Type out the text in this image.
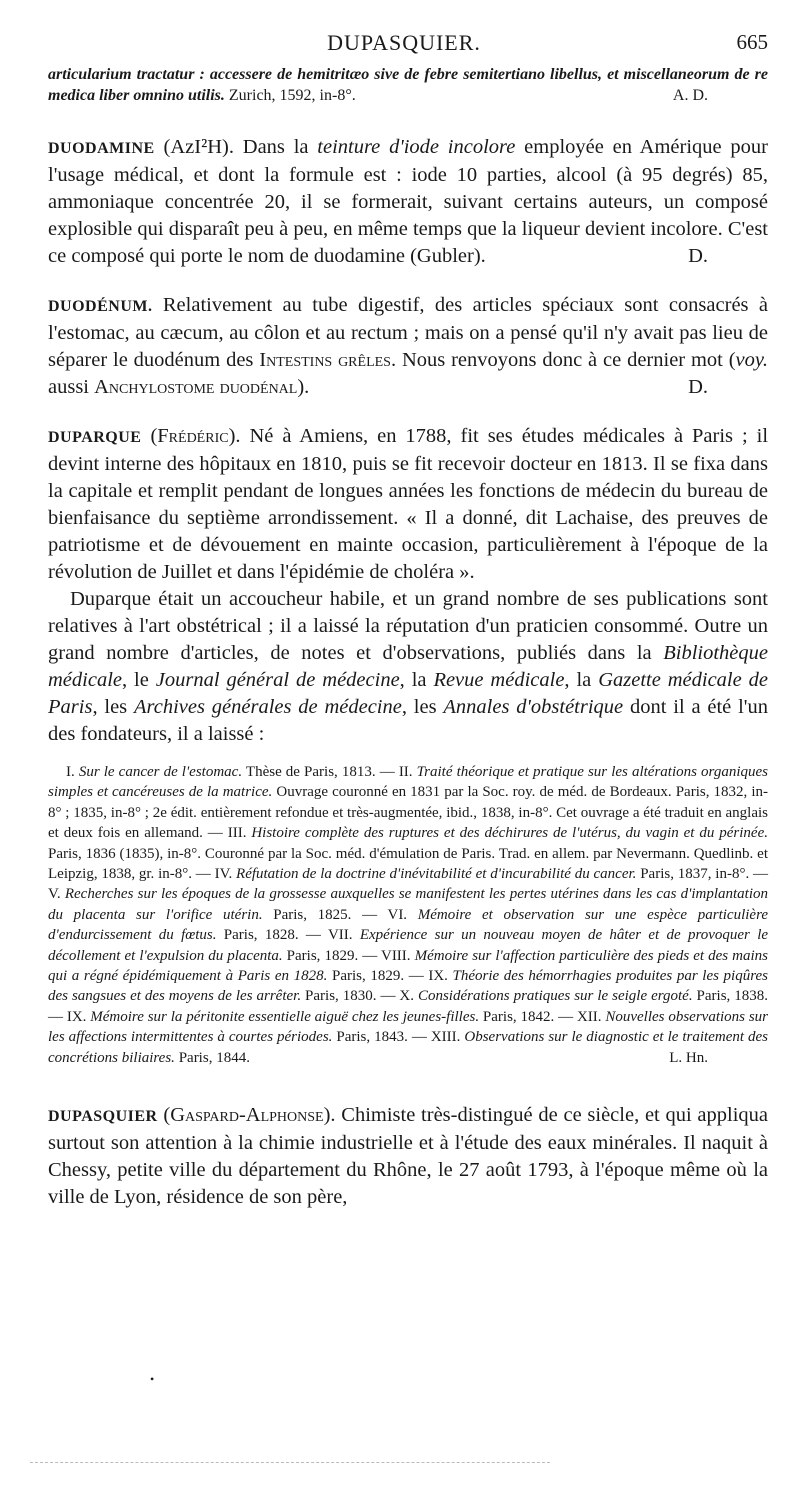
DUPASQUIER.	665

articularium tractatur : accessere de hemitritæo sive de febre semitertiano libellus, et miscellaneorum de re medica liber omnino utilis. Zurich, 1592, in-8°.	A. D.

DUODAMINE (AzI²H). Dans la teinture d'iode incolore employée en Amérique pour l'usage médical, et dont la formule est : iode 10 parties, alcool (à 95 degrés) 85, ammoniaque concentrée 20, il se formerait, suivant certains auteurs, un composé explosible qui disparaît peu à peu, en même temps que la liqueur devient incolore. C'est ce composé qui porte le nom de duodamine (Gubler).	D.

DUODÉNUM. Relativement au tube digestif, des articles spéciaux sont consacrés à l'estomac, au cæcum, au côlon et au rectum ; mais on a pensé qu'il n'y avait pas lieu de séparer le duodénum des Intestins grêles. Nous renvoyons donc à ce dernier mot (voy. aussi Anchylostome duodénal).	D.

DUPARQUE (Frédéric). Né à Amiens, en 1788, fit ses études médicales à Paris ; il devint interne des hôpitaux en 1810, puis se fit recevoir docteur en 1813. Il se fixa dans la capitale et remplit pendant de longues années les fonctions de médecin du bureau de bienfaisance du septième arrondissement. « Il a donné, dit Lachaise, des preuves de patriotisme et de dévouement en mainte occasion, particulièrement à l'époque de la révolution de Juillet et dans l'épidémie de choléra ».

Duparque était un accoucheur habile, et un grand nombre de ses publications sont relatives à l'art obstétrical ; il a laissé la réputation d'un praticien consommé. Outre un grand nombre d'articles, de notes et d'observations, publiés dans la Bibliothèque médicale, le Journal général de médecine, la Revue médicale, la Gazette médicale de Paris, les Archives générales de médecine, les Annales d'obstétrique dont il a été l'un des fondateurs, il a laissé :

I. Sur le cancer de l'estomac. Thèse de Paris, 1813. — II. Traité théorique et pratique sur les altérations organiques simples et cancéreuses de la matrice. Ouvrage couronné en 1831 par la Soc. roy. de méd. de Bordeaux. Paris, 1832, in-8° ; 1835, in-8° ; 2e édit. entièrement refondue et très-augmentée, ibid., 1838, in-8°. Cet ouvrage a été traduit en anglais et deux fois en allemand. — III. Histoire complète des ruptures et des déchirures de l'utérus, du vagin et du périnée. Paris, 1836 (1835), in-8°. Couronné par la Soc. méd. d'émulation de Paris. Trad. en allem. par Nevermann. Quedlinb. et Leipzig, 1838, gr. in-8°. — IV. Réfutation de la doctrine d'inévitabilité et d'incurabilité du cancer. Paris, 1837, in-8°. — V. Recherches sur les époques de la grossesse auxquelles se manifestent les pertes utérines dans les cas d'implantation du placenta sur l'orifice utérin. Paris, 1825. — VI. Mémoire et observation sur une espèce particulière d'endurcissement du fœtus. Paris, 1828. — VII. Expérience sur un nouveau moyen de hâter et de provoquer le décollement et l'expulsion du placenta. Paris, 1829. — VIII. Mémoire sur l'affection particulière des pieds et des mains qui a régné épidémiquement à Paris en 1828. Paris, 1829. — IX. Théorie des hémorrhagies produites par les piqûres des sangsues et des moyens de les arrêter. Paris, 1830. — X. Considérations pratiques sur le seigle ergoté. Paris, 1838. — IX. Mémoire sur la péritonite essentielle aiguë chez les jeunes-filles. Paris, 1842. — XII. Nouvelles observations sur les affections intermittentes à courtes périodes. Paris, 1843. — XIII. Observations sur le diagnostic et le traitement des concrétions biliaires. Paris, 1844.	L. Hn.

DUPASQUIER (Gaspard-Alphonse). Chimiste très-distingué de ce siècle, et qui appliqua surtout son attention à la chimie industrielle et à l'étude des eaux minérales. Il naquit à Chessy, petite ville du département du Rhône, le 27 août 1793, à l'époque même où la ville de Lyon, résidence de son père,

•
